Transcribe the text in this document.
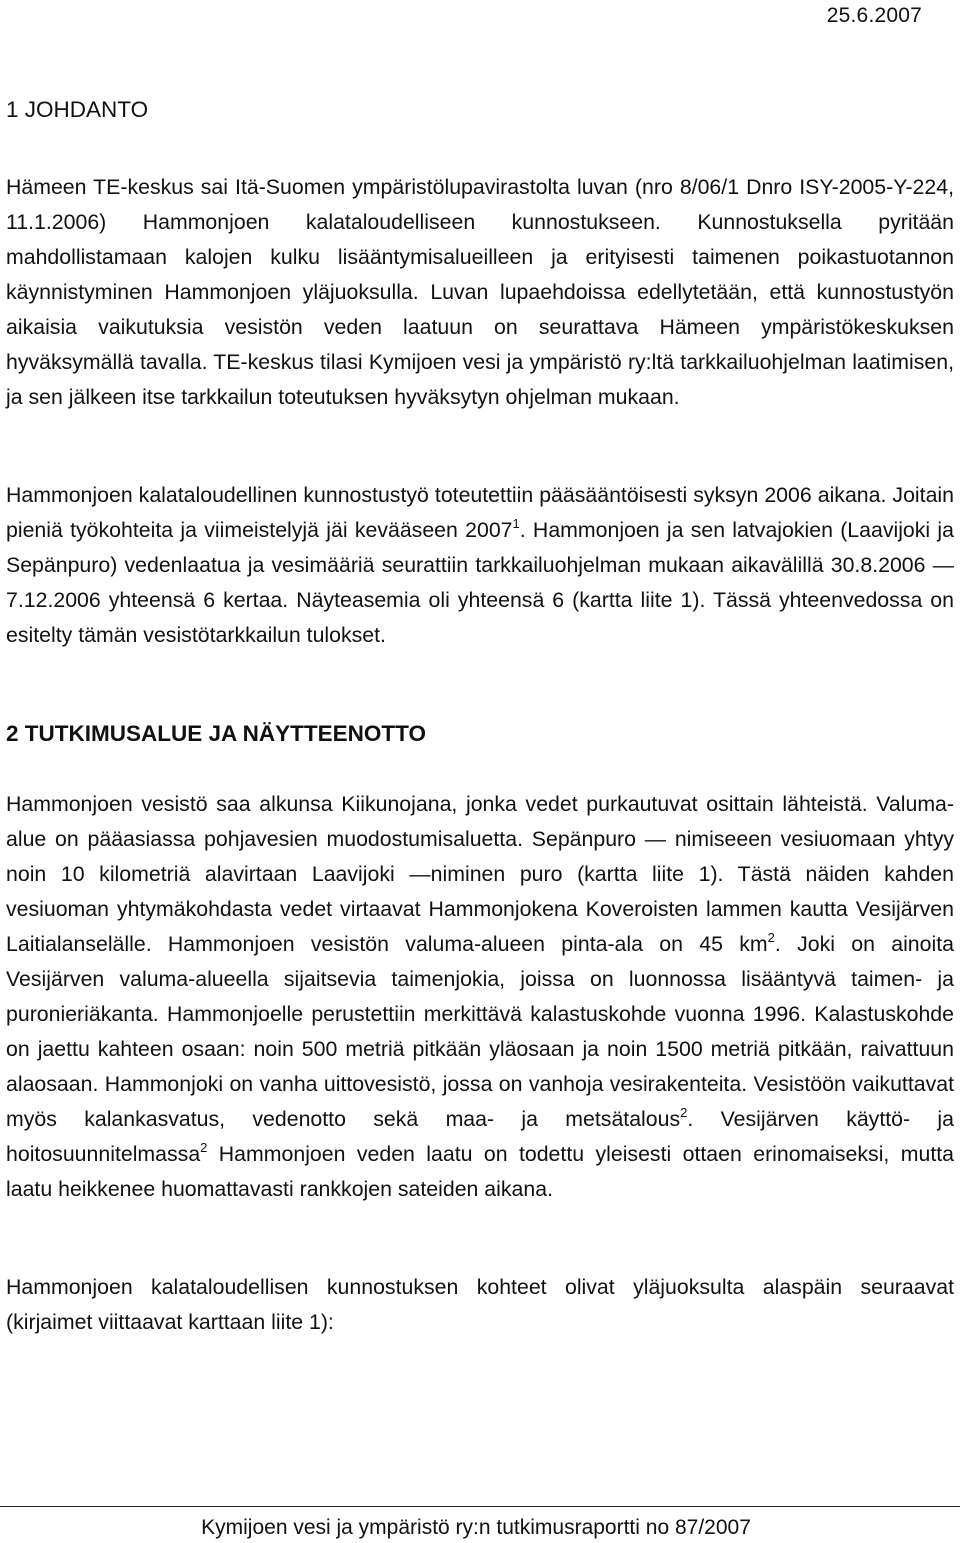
25.6.2007
1 JOHDANTO

Hämeen TE-keskus sai Itä-Suomen ympäristölupavirastolta luvan (nro 8/06/1 Dnro ISY-2005-Y-224, 11.1.2006) Hammonjoen kalataloudelliseen kunnostukseen. Kunnostuksella pyritään mahdollistamaan kalojen kulku lisääntymisalueilleen ja erityisesti taimenen poikastuotannon käynnistyminen Hammonjoen yläjuoksulla. Luvan lupaehdoissa edellytetään, että kunnostustyön aikaisia vaikutuksia vesistön veden laatuun on seurattava Hämeen ympäristökeskuksen hyväksymällä tavalla. TE-keskus tilasi Kymijoen vesi ja ympäristö ry:ltä tarkkailuohjelman laatimisen, ja sen jälkeen itse tarkkailun toteutuksen hyväksytyn ohjelman mukaan.

Hammonjoen kalataloudellinen kunnostustyö toteutettiin pääsääntöisesti syksyn 2006 aikana. Joitain pieniä työkohteita ja viimeistelyjä jäi kevääseen 2007$^1$. Hammonjoen ja sen latvajokien (Laavijoki ja Sepänpuro) vedenlaatua ja vesimääriä seurattiin tarkkailuohjelman mukaan aikavälillä 30.8.2006 — 7.12.2006 yhteensä 6 kertaa. Näyteasemia oli yhteensä 6 (kartta liite 1). Tässä yhteenvedossa on esitelty tämän vesistötarkkailun tulokset.

2 TUTKIMUSALUE JA NÄYTTEENOTTO

Hammonjoen vesistö saa alkunsa Kiikunojana, jonka vedet purkautuvat osittain lähteistä. Valuma-alue on pääasiassa pohjavesien muodostumisaluetta. Sepänpuro — nimiseeen vesiuomaan yhtyy noin 10 kilometriä alavirtaan Laavijoki —niminen puro (kartta liite 1). Tästä näiden kahden vesiuoman yhtymäkohdasta vedet virtaavat Hammonjokena Koveroisten lammen kautta Vesijärven Laitialanselälle. Hammonjoen vesistön valuma-alueen pinta-ala on 45 $km^2$. Joki on ainoita Vesijärven valuma-alueella sijaitsevia taimenjokia, joissa on luonnossa lisääntyvä taimen- ja puronieriäkanta. Hammonjoelle perustettiin merkittävä kalastuskohde vuonna 1996. Kalastuskohde on jaettu kahteen osaan: noin 500 metriä pitkään yläosaan ja noin 1500 metriä pitkään, raivattuun alaosaan. Hammonjoki on vanha uittovesistö, jossa on vanhoja vesirakenteita. Vesistöön vaikuttavat myös kalankasvatus, vedenotto sekä maa- ja metsätalous$^2$. Vesijärven käyttö- ja hoitosuunnitelmassa$^2$ Hammonjoen veden laatu on todettu yleisesti ottaen erinomaiseksi, mutta laatu heikkenee huomattavasti rankkojen sateiden aikana.

Hammonjoen kalataloudellisen kunnostuksen kohteet olivat yläjuoksulta alaspäin seuraavat (kirjaimet viittaavat karttaan liite 1):

Kymijoen vesi ja ympäristö ry:n tutkimusraportti no 87/2007
